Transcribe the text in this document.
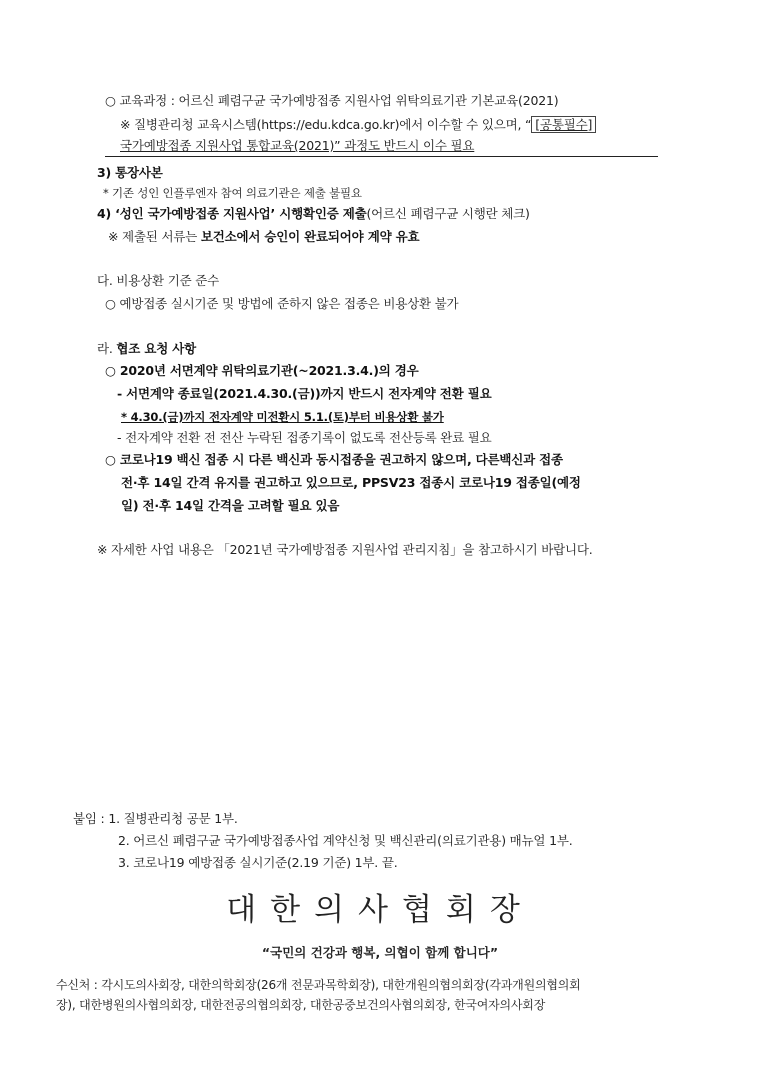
○ 교육과정 : 어르신 폐렴구균 국가예방접종 지원사업 위탁의료기관 기본교육(2021)
※ 질병관리청 교육시스템(https://edu.kdca.go.kr)에서 이수할 수 있으며, “ [공통필수]
국가예방접종 지원사업 통합교육(2021)” 과정도 반드시 이수 필요
3) 통장사본
* 기존 성인 인플루엔자 참여 의료기관은 제출 불필요
4) ‘성인 국가예방접종 지원사업’ 시행확인증 제출(어르신 폐렴구균 시행란 체크)
※ 제출된 서류는 보건소에서 승인이 완료되어야 계약 유효
다. 비용상환 기준 준수
○ 예방접종 실시기준 및 방법에 준하지 않은 접종은 비용상환 불가
라. 협조 요청 사항
○ 2020년 서면계약 위탁의료기관(~2021.3.4.)의 경우
- 서면계약 종료일(2021.4.30.(금))까지 반드시 전자계약 전환 필요
* 4.30.(금)까지 전자계약 미전환시 5.1.(토)부터 비용상환 불가
- 전자계약 전환 전 전산 누락된 접종기록이 없도록 전산등록 완료 필요
○ 코로나19 백신 접종 시 다른 백신과 동시접종을 권고하지 않으며, 다른백신과 접종
전·후 14일 간격 유지를 권고하고 있으므로, PPSV23 접종시 코로나19 접종일(예정
일) 전·후 14일 간격을 고려할 필요 있음
※ 자세한 사업 내용은 「2021년 국가예방접종 지원사업 관리지침」을 참고하시기 바랍니다.
붙임 : 1. 질병관리청 공문 1부.
2. 어르신 폐렴구균 국가예방접종사업 계약신청 및 백신관리(의료기관용) 매뉴얼 1부.
3. 코로나19 예방접종 실시기준(2.19 기준) 1부. 끝.
대한의사협회장
“국민의 건강과 행복, 의협이 함께 합니다”
수신처 : 각시도의사회장, 대한의학회장(26개 전문과목학회장), 대한개원의협의회장(각과개원의협의회
장), 대한병원의사협의회장, 대한전공의협의회장, 대한공중보건의사협의회장, 한국여자의사회장
